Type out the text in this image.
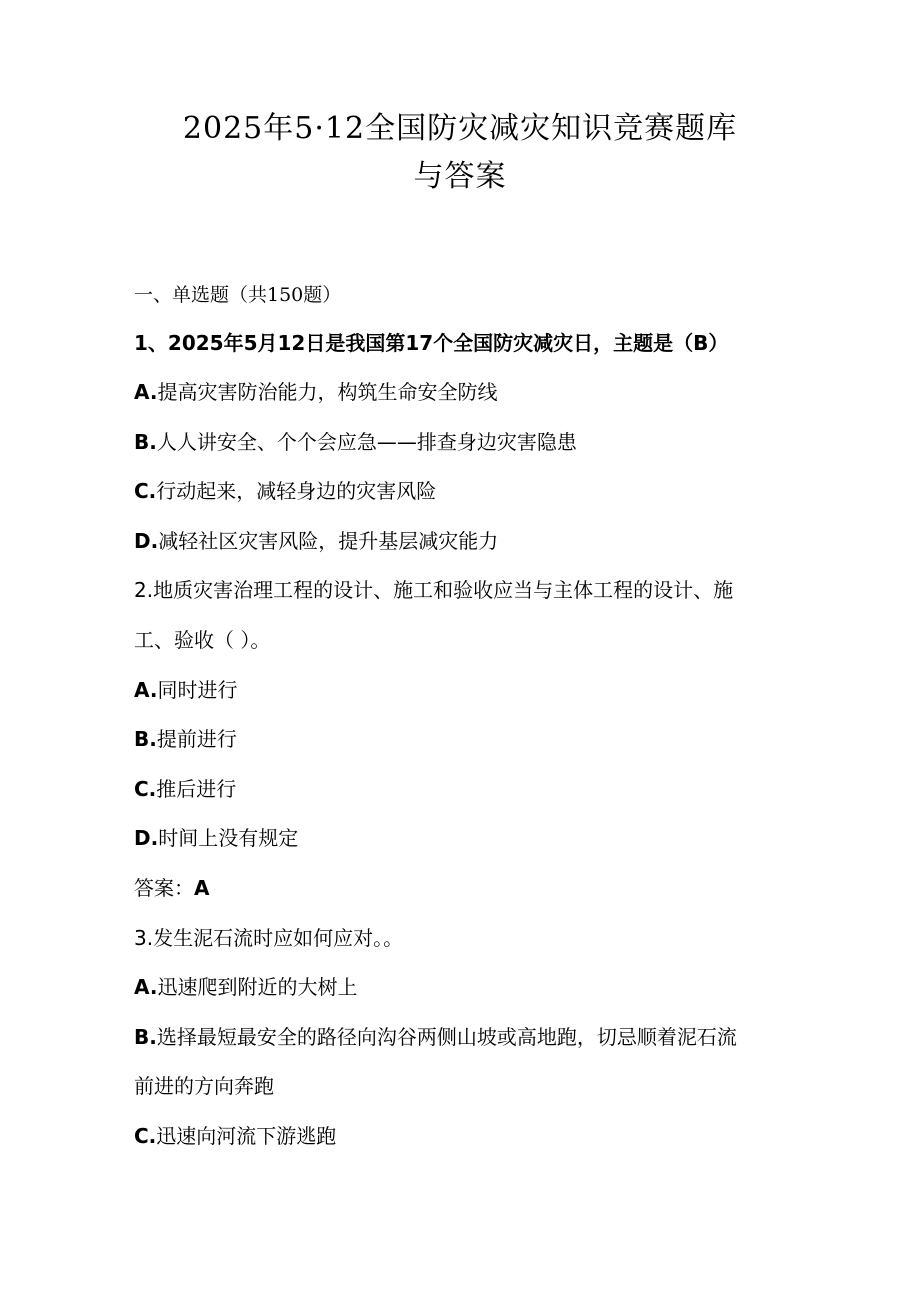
2025年5·12全国防灾减灾知识竞赛题库
与答案
一、单选题（共150题）
1、2025年5月12日是我国第17个全国防灾减灾日，主题是（B）
A.提高灾害防治能力，构筑生命安全防线
B.人人讲安全、个个会应急——排查身边灾害隐患
C.行动起来，减轻身边的灾害风险
D.减轻社区灾害风险，提升基层减灾能力
2.地质灾害治理工程的设计、施工和验收应当与主体工程的设计、施
工、验收（ ）。
A.同时进行
B.提前进行
C.推后进行
D.时间上没有规定
答案：A
3.发生泥石流时应如何应对。。
A.迅速爬到附近的大树上
B.选择最短最安全的路径向沟谷两侧山坡或高地跑，切忌顺着泥石流
前进的方向奔跑
C.迅速向河流下游逃跑
